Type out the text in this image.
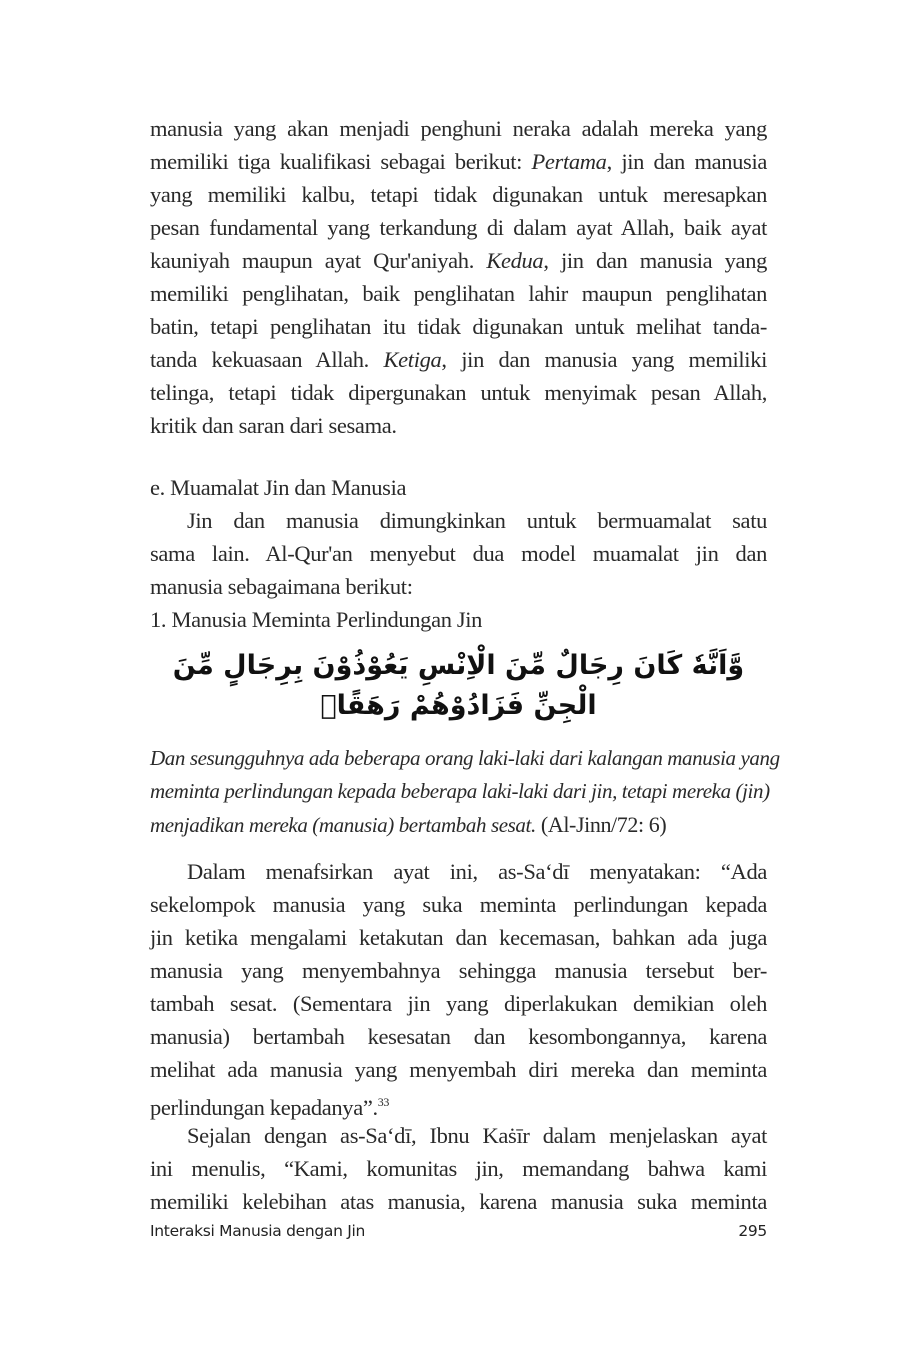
manusia yang akan menjadi penghuni neraka adalah mereka yang
memiliki tiga kualifikasi sebagai berikut: Pertama, jin dan manusia
yang memiliki kalbu, tetapi tidak digunakan untuk meresapkan
pesan fundamental yang terkandung di dalam ayat Allah, baik ayat
kauniyah maupun ayat Qur'aniyah. Kedua, jin dan manusia yang
memiliki penglihatan, baik penglihatan lahir maupun penglihatan
batin, tetapi penglihatan itu tidak digunakan untuk melihat tanda-
tanda kekuasaan Allah. Ketiga, jin dan manusia yang memiliki
telinga, tetapi tidak dipergunakan untuk menyimak pesan Allah,
kritik dan saran dari sesama.
e. Muamalat Jin dan Manusia
Jin dan manusia dimungkinkan untuk bermuamalat satu
sama lain. Al-Qur'an menyebut dua model muamalat jin dan
manusia sebagaimana berikut:
1. Manusia Meminta Perlindungan Jin
وَّاَنَّهٗ كَانَ رِجَالٌ مِّنَ الْاِنْسِ يَعُوْذُوْنَ بِرِجَالٍ مِّنَ الْجِنِّ فَزَادُوْهُمْ رَهَقًاۙ
Dan sesungguhnya ada beberapa orang laki-laki dari kalangan manusia yang
meminta perlindungan kepada beberapa laki-laki dari jin, tetapi mereka (jin)
menjadikan mereka (manusia) bertambah sesat. (Al-Jinn/72: 6)
Dalam menafsirkan ayat ini, as-Sa‘dī menyatakan: “Ada
sekelompok manusia yang suka meminta perlindungan kepada
jin ketika mengalami ketakutan dan kecemasan, bahkan ada juga
manusia yang menyembahnya sehingga manusia tersebut ber-
tambah sesat. (Sementara jin yang diperlakukan demikian oleh
manusia) bertambah kesesatan dan kesombongannya, karena
melihat ada manusia yang menyembah diri mereka dan meminta
perlindungan kepadanya”.$^{33}$
Sejalan dengan as-Sa‘dī, Ibnu Kaṡīr dalam menjelaskan ayat
ini menulis, “Kami, komunitas jin, memandang bahwa kami
memiliki kelebihan atas manusia, karena manusia suka meminta
Interaksi Manusia dengan Jin	295
